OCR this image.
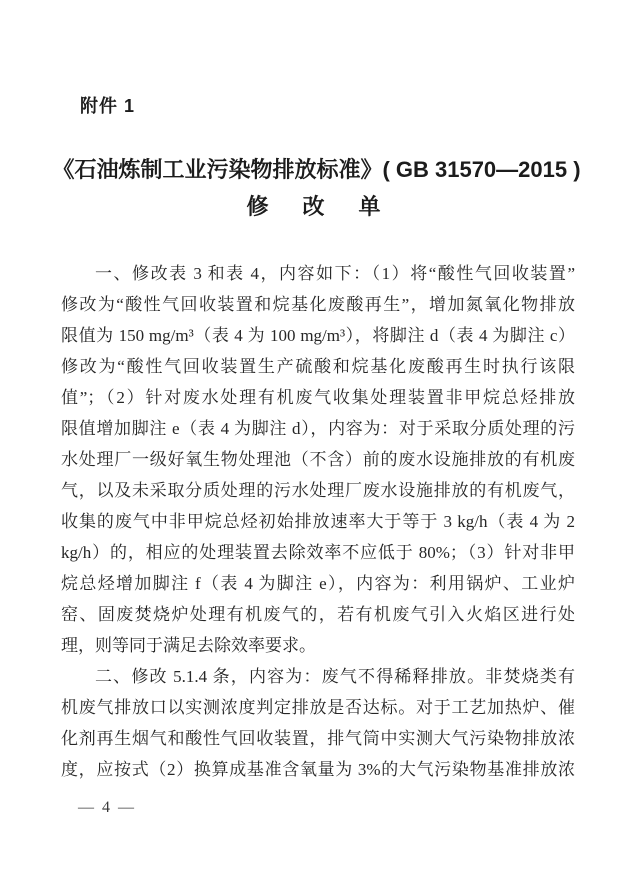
附件 1
《石油炼制工业污染物排放标准》( GB 31570—2015 )
修　改　单
一、修改表 3 和表 4，内容如下：（1）将“酸性气回收装置”
修改为“酸性气回收装置和烷基化废酸再生”，增加氮氧化物排放
限值为 150 mg/m³（表 4 为 100 mg/m³），将脚注 d（表 4 为脚注 c）
修改为“酸性气回收装置生产硫酸和烷基化废酸再生时执行该限
值”；（2）针对废水处理有机废气收集处理装置非甲烷总烃排放
限值增加脚注 e（表 4 为脚注 d），内容为：对于采取分质处理的污
水处理厂一级好氧生物处理池（不含）前的废水设施排放的有机废
气，以及未采取分质处理的污水处理厂废水设施排放的有机废气，
收集的废气中非甲烷总烃初始排放速率大于等于 3 kg/h（表 4 为 2
kg/h）的，相应的处理装置去除效率不应低于 80%；（3）针对非甲
烷总烃增加脚注 f（表 4 为脚注 e），内容为：利用锅炉、工业炉
窑、固废焚烧炉处理有机废气的，若有机废气引入火焰区进行处
理，则等同于满足去除效率要求。
二、修改 5.1.4 条，内容为：废气不得稀释排放。非焚烧类有
机废气排放口以实测浓度判定排放是否达标。对于工艺加热炉、催
化剂再生烟气和酸性气回收装置，排气筒中实测大气污染物排放浓
度，应按式（2）换算成基准含氧量为 3%的大气污染物基准排放浓
— 4 —
